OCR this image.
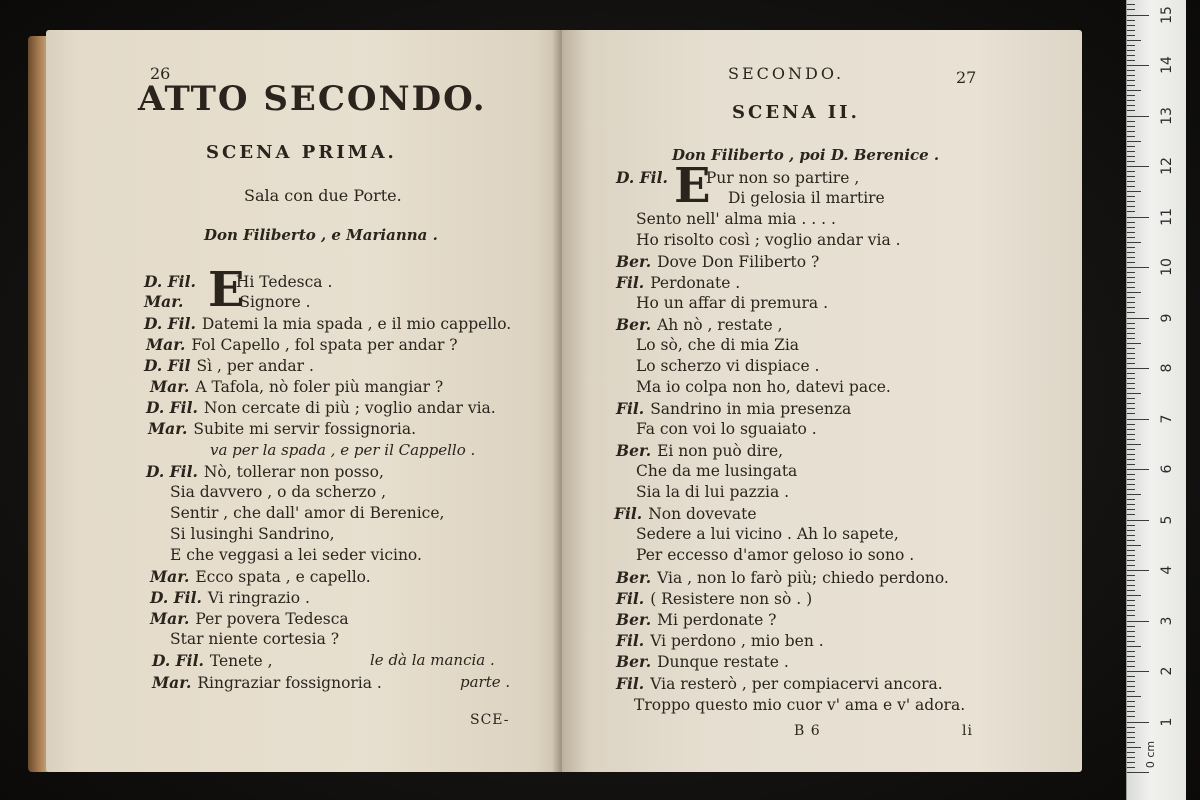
26
ATTO SECONDO.
SCENA PRIMA.
Sala con due Porte.
Don Filiberto , e Marianna .
E
D. Fil.	Hi Tedesca .
Mar.	Signore .
D. Fil. Datemi la mia spada , e il mio cappello.
Mar. Fol Capello , fol spata per andar ?
D. Fil Sì , per andar .
Mar. A Tafola, nò foler più mangiar ?
D. Fil. Non cercate di più ; voglio andar via.
Mar. Subite mi servir fossignoria.
va per la spada , e per il Cappello .
D. Fil. Nò, tollerar non posso,
Sia davvero , o da scherzo ,
Sentir , che dall' amor di Berenice,
Si lusinghi Sandrino,
E che veggasi a lei seder vicino.
Mar. Ecco spata , e capello.
D. Fil. Vi ringrazio .
Mar. Per povera Tedesca
Star niente cortesia ?
D. Fil. Tenete ,	le dà la mancia .
Mar. Ringraziar fossignoria .	parte .
SCE-
SECONDO.	27
SCENA II.
Don Filiberto , poi D. Berenice .
E
D. Fil. Pur non so partire ,
Di gelosia il martire
Sento nell' alma mia . . . .
Ho risolto così ; voglio andar via .
Ber. Dove Don Filiberto ?
Fil. Perdonate .
Ho un affar di premura .
Ber. Ah nò , restate ,
Lo sò, che di mia Zia
Lo scherzo vi dispiace .
Ma io colpa non ho, datevi pace.
Fil. Sandrino in mia presenza
Fa con voi lo sguaiato .
Ber. Ei non può dire,
Che da me lusingata
Sia la di lui pazzia .
Fil. Non dovevate
Sedere a lui vicino . Ah lo sapete,
Per eccesso d'amor geloso io sono .
Ber. Via , non lo farò più; chiedo perdono.
Fil. ( Resistere non sò . )
Ber. Mi perdonate ?
Fil. Vi perdono , mio ben .
Ber. Dunque restate .
Fil. Via resterò , per compiacervi ancora.
Troppo questo mio cuor v' ama e v' adora.
B 6	li
1
2
3
4
5
6
7
8
9
10
11
12
13
14
15
0 cm
